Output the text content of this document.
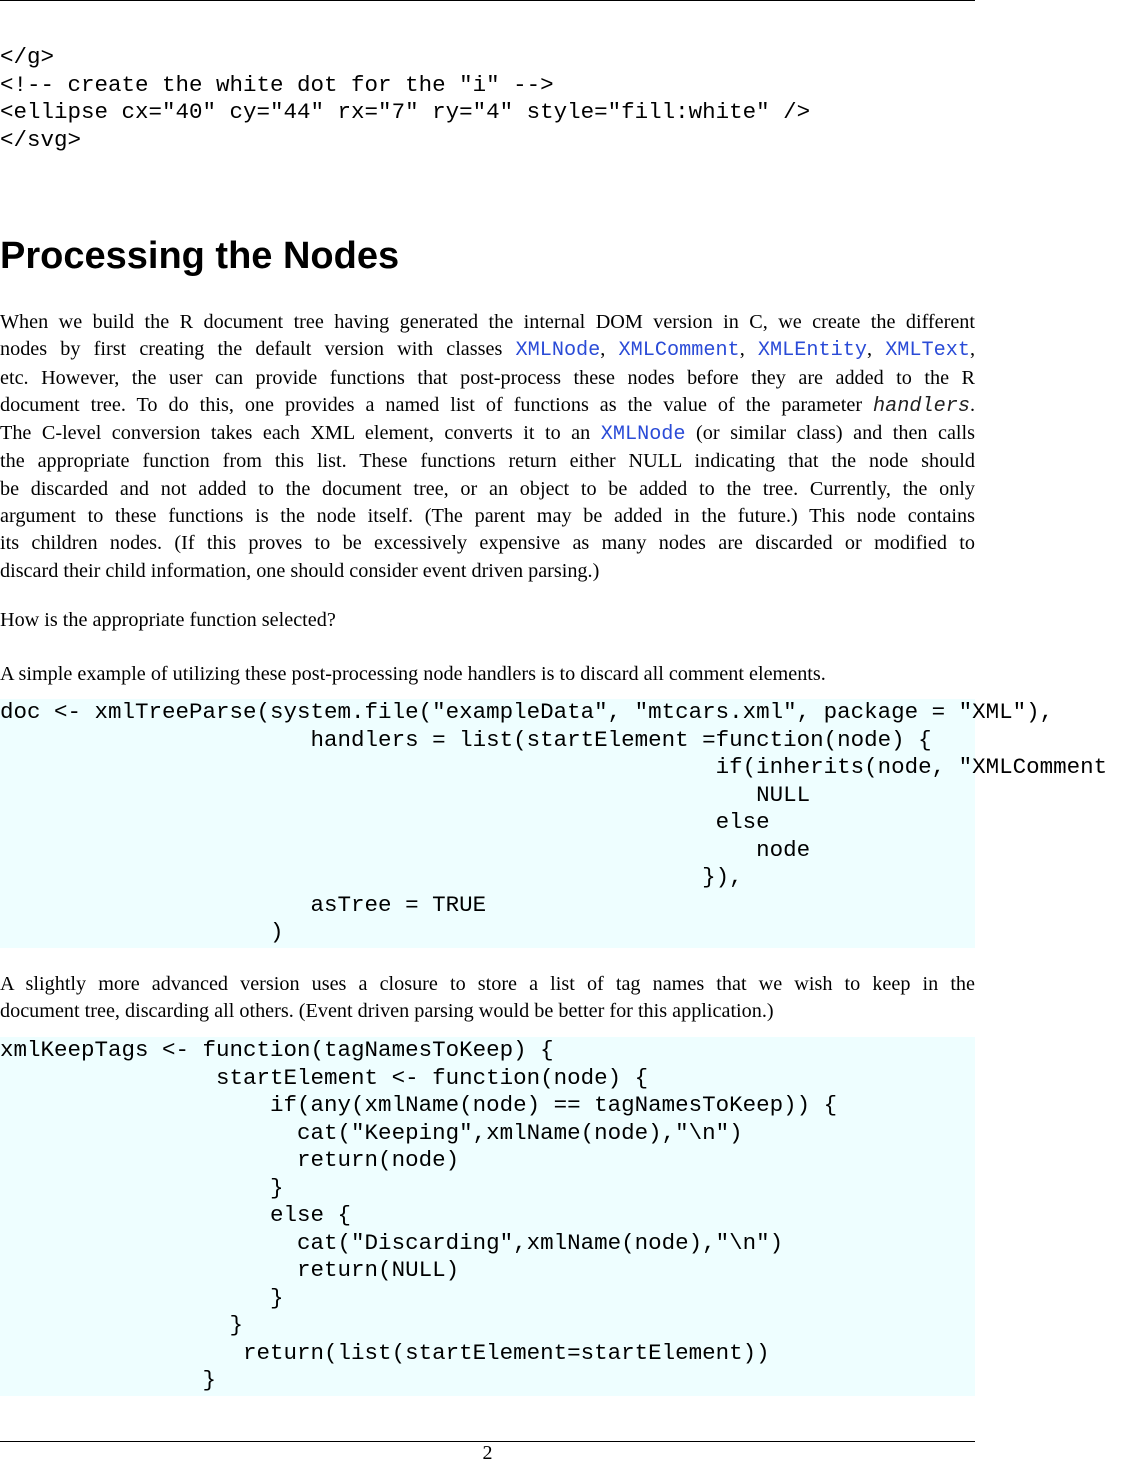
</g>
<!-- create the white dot for the "i" -->
<ellipse cx="40" cy="44" rx="7" ry="4" style="fill:white" />
</svg>
Processing the Nodes
When we build the R document tree having generated the internal DOM version in C, we create the different
nodes by first creating the default version with classes XMLNode, XMLComment, XMLEntity, XMLText,
etc. However, the user can provide functions that post-process these nodes before they are added to the R
document tree. To do this, one provides a named list of functions as the value of the parameter handlers.
The C-level conversion takes each XML element, converts it to an XMLNode (or similar class) and then calls
the appropriate function from this list. These functions return either NULL indicating that the node should
be discarded and not added to the document tree, or an object to be added to the tree. Currently, the only
argument to these functions is the node itself. (The parent may be added in the future.) This node contains
its children nodes. (If this proves to be excessively expensive as many nodes are discarded or modified to
discard their child information, one should consider event driven parsing.)
How is the appropriate function selected?
A simple example of utilizing these post-processing node handlers is to discard all comment elements.
doc <- xmlTreeParse(system.file("exampleData", "mtcars.xml", package = "XML"),
handlers = list(startElement =function(node) {
if(inherits(node, "XMLComment
NULL
else
node
}),
asTree = TRUE
)
A slightly more advanced version uses a closure to store a list of tag names that we wish to keep in the
document tree, discarding all others. (Event driven parsing would be better for this application.)
xmlKeepTags <- function(tagNamesToKeep) {
startElement <- function(node) {
if(any(xmlName(node) == tagNamesToKeep)) {
cat("Keeping",xmlName(node),"\n")
return(node)
}
else {
cat("Discarding",xmlName(node),"\n")
return(NULL)
}
}
return(list(startElement=startElement))
}
2
